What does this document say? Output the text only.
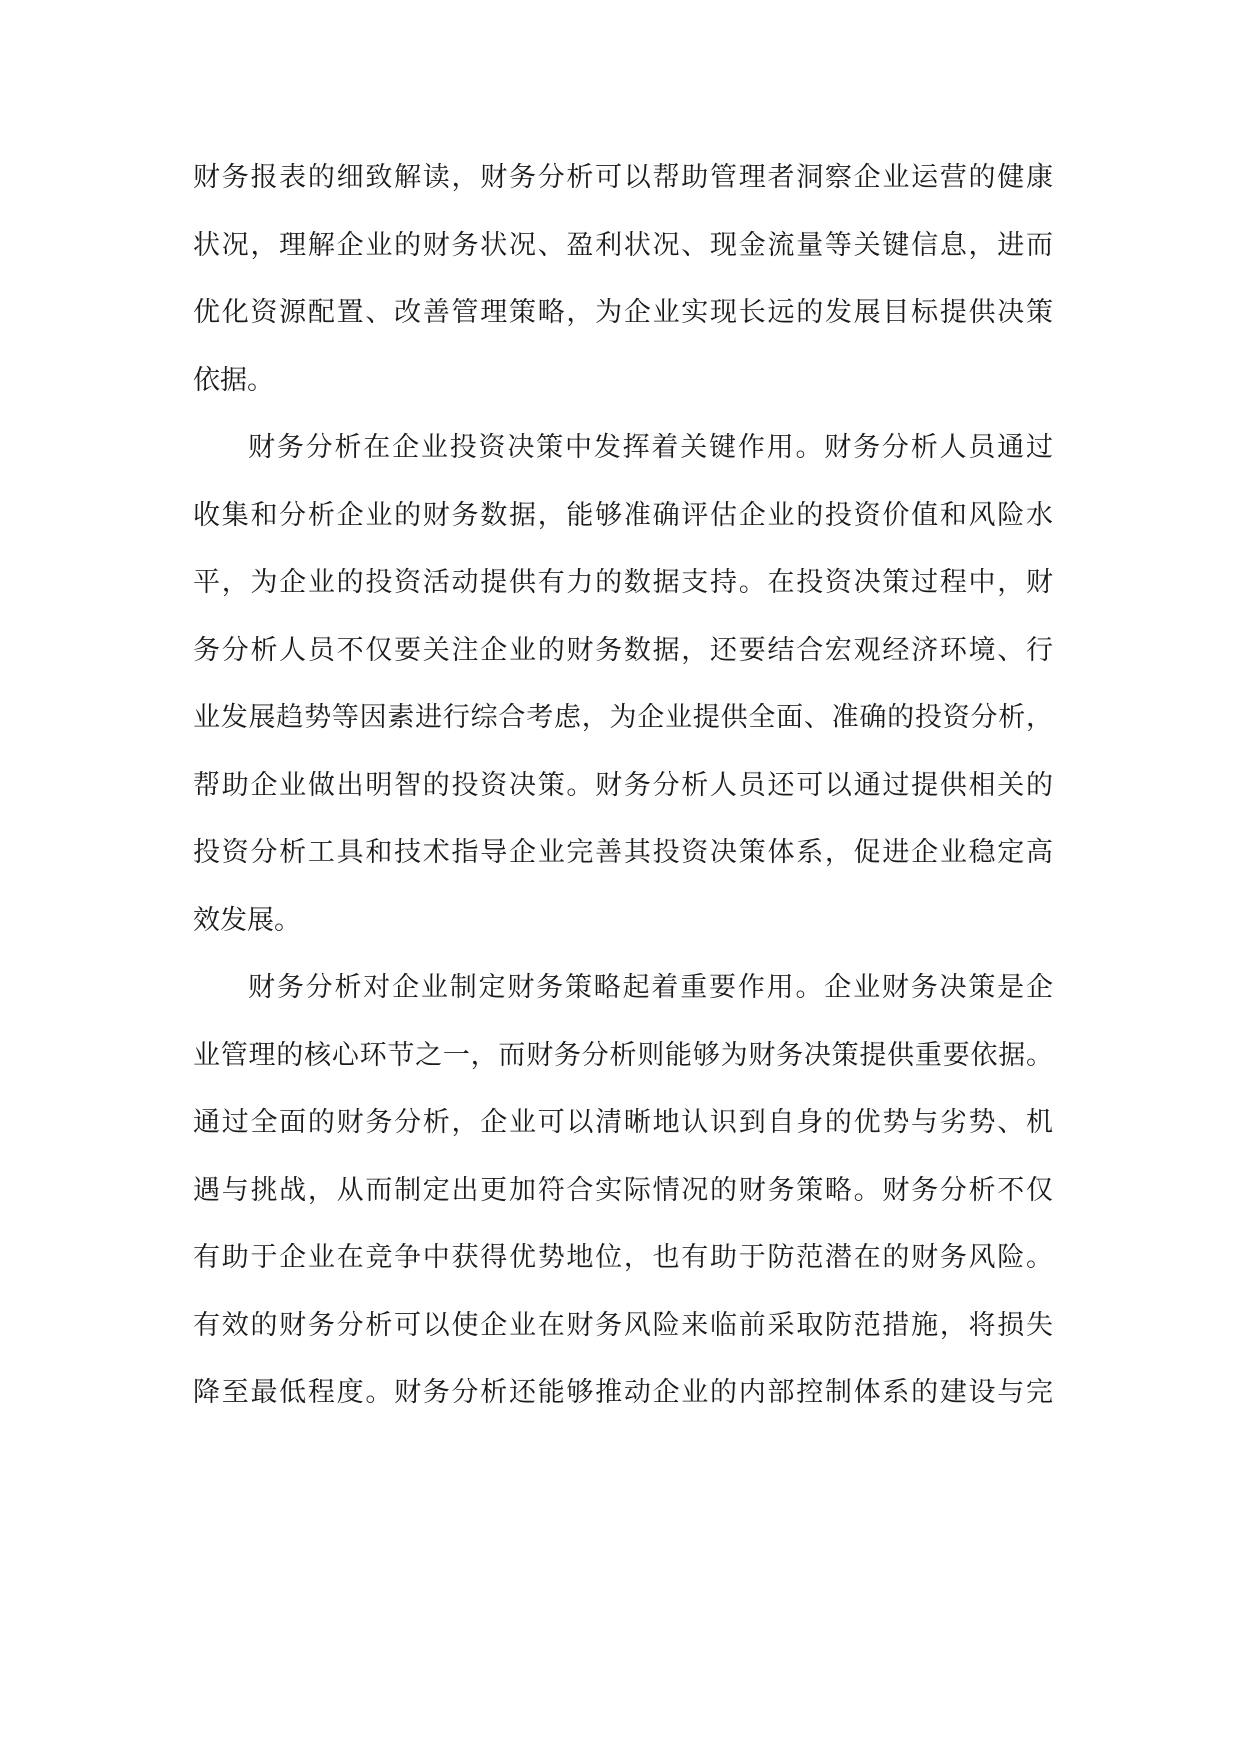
财务报表的细致解读，财务分析可以帮助管理者洞察企业运营的健康
状况，理解企业的财务状况、盈利状况、现金流量等关键信息，进而
优化资源配置、改善管理策略，为企业实现长远的发展目标提供决策
依据。
财务分析在企业投资决策中发挥着关键作用。财务分析人员通过
收集和分析企业的财务数据，能够准确评估企业的投资价值和风险水
平，为企业的投资活动提供有力的数据支持。在投资决策过程中，财
务分析人员不仅要关注企业的财务数据，还要结合宏观经济环境、行
业发展趋势等因素进行综合考虑，为企业提供全面、准确的投资分析，
帮助企业做出明智的投资决策。财务分析人员还可以通过提供相关的
投资分析工具和技术指导企业完善其投资决策体系，促进企业稳定高
效发展。
财务分析对企业制定财务策略起着重要作用。企业财务决策是企
业管理的核心环节之一，而财务分析则能够为财务决策提供重要依据。
通过全面的财务分析，企业可以清晰地认识到自身的优势与劣势、机
遇与挑战，从而制定出更加符合实际情况的财务策略。财务分析不仅
有助于企业在竞争中获得优势地位，也有助于防范潜在的财务风险。
有效的财务分析可以使企业在财务风险来临前采取防范措施，将损失
降至最低程度。财务分析还能够推动企业的内部控制体系的建设与完
